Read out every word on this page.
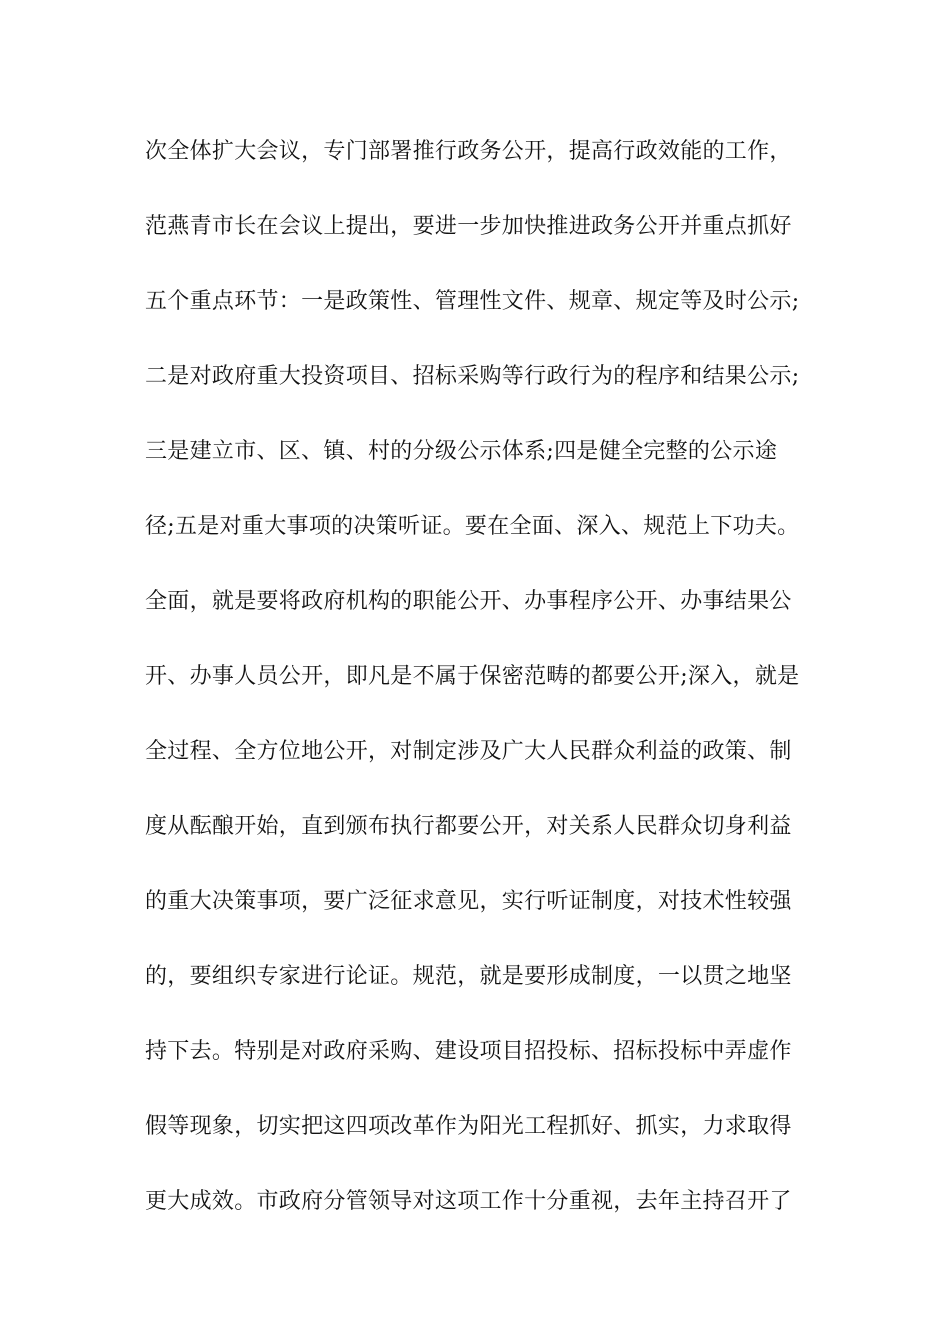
次全体扩大会议，专门部署推行政务公开，提高行政效能的工作，
范燕青市长在会议上提出，要进一步加快推进政务公开并重点抓好
五个重点环节：一是政策性、管理性文件、规章、规定等及时公示;
二是对政府重大投资项目、招标采购等行政行为的程序和结果公示;
三是建立市、区、镇、村的分级公示体系;四是健全完整的公示途
径;五是对重大事项的决策听证。要在全面、深入、规范上下功夫。
全面，就是要将政府机构的职能公开、办事程序公开、办事结果公
开、办事人员公开，即凡是不属于保密范畴的都要公开;深入，就是
全过程、全方位地公开，对制定涉及广大人民群众利益的政策、制
度从酝酿开始，直到颁布执行都要公开，对关系人民群众切身利益
的重大决策事项，要广泛征求意见，实行听证制度，对技术性较强
的，要组织专家进行论证。规范，就是要形成制度，一以贯之地坚
持下去。特别是对政府采购、建设项目招投标、招标投标中弄虚作
假等现象，切实把这四项改革作为阳光工程抓好、抓实，力求取得
更大成效。市政府分管领导对这项工作十分重视，去年主持召开了
